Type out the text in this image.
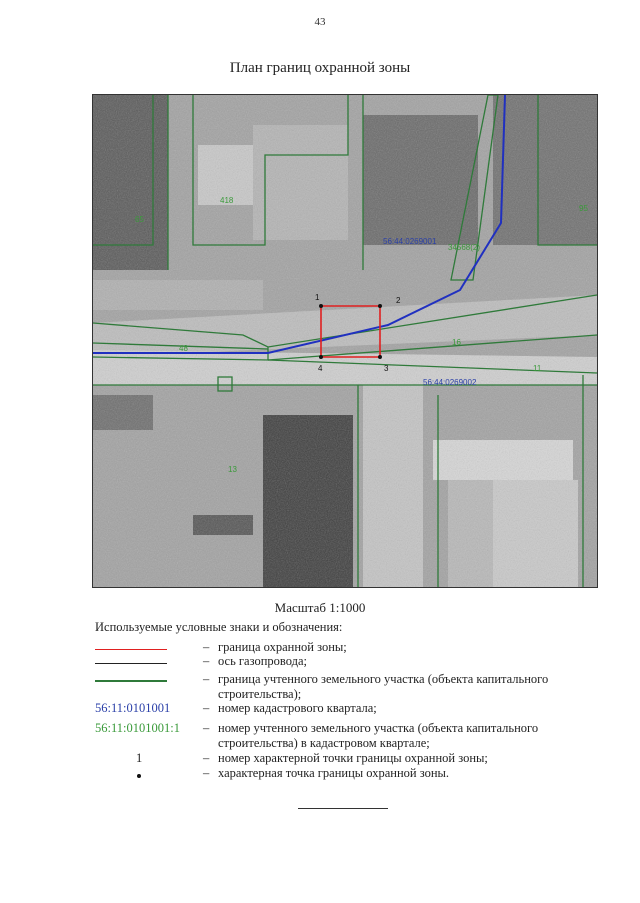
43
План границ охранной зоны
1	2
3
4
65
418
95
56:44:0269001
34568(2)
16
48
56:44:0269002
11
13
Масштаб 1:1000
Используемые условные знаки и обозначения:
– граница охранной зоны;
– ось газопровода;
– граница учтенного земельного участка (объекта капитального строительства);
56:11:0101001	– номер кадастрового квартала;
56:11:0101001:1 – номер учтенного земельного участка (объекта капитального строительства) в кадастровом квартале;
1	– номер характерной точки границы охранной зоны;
– характерная точка границы охранной зоны.
